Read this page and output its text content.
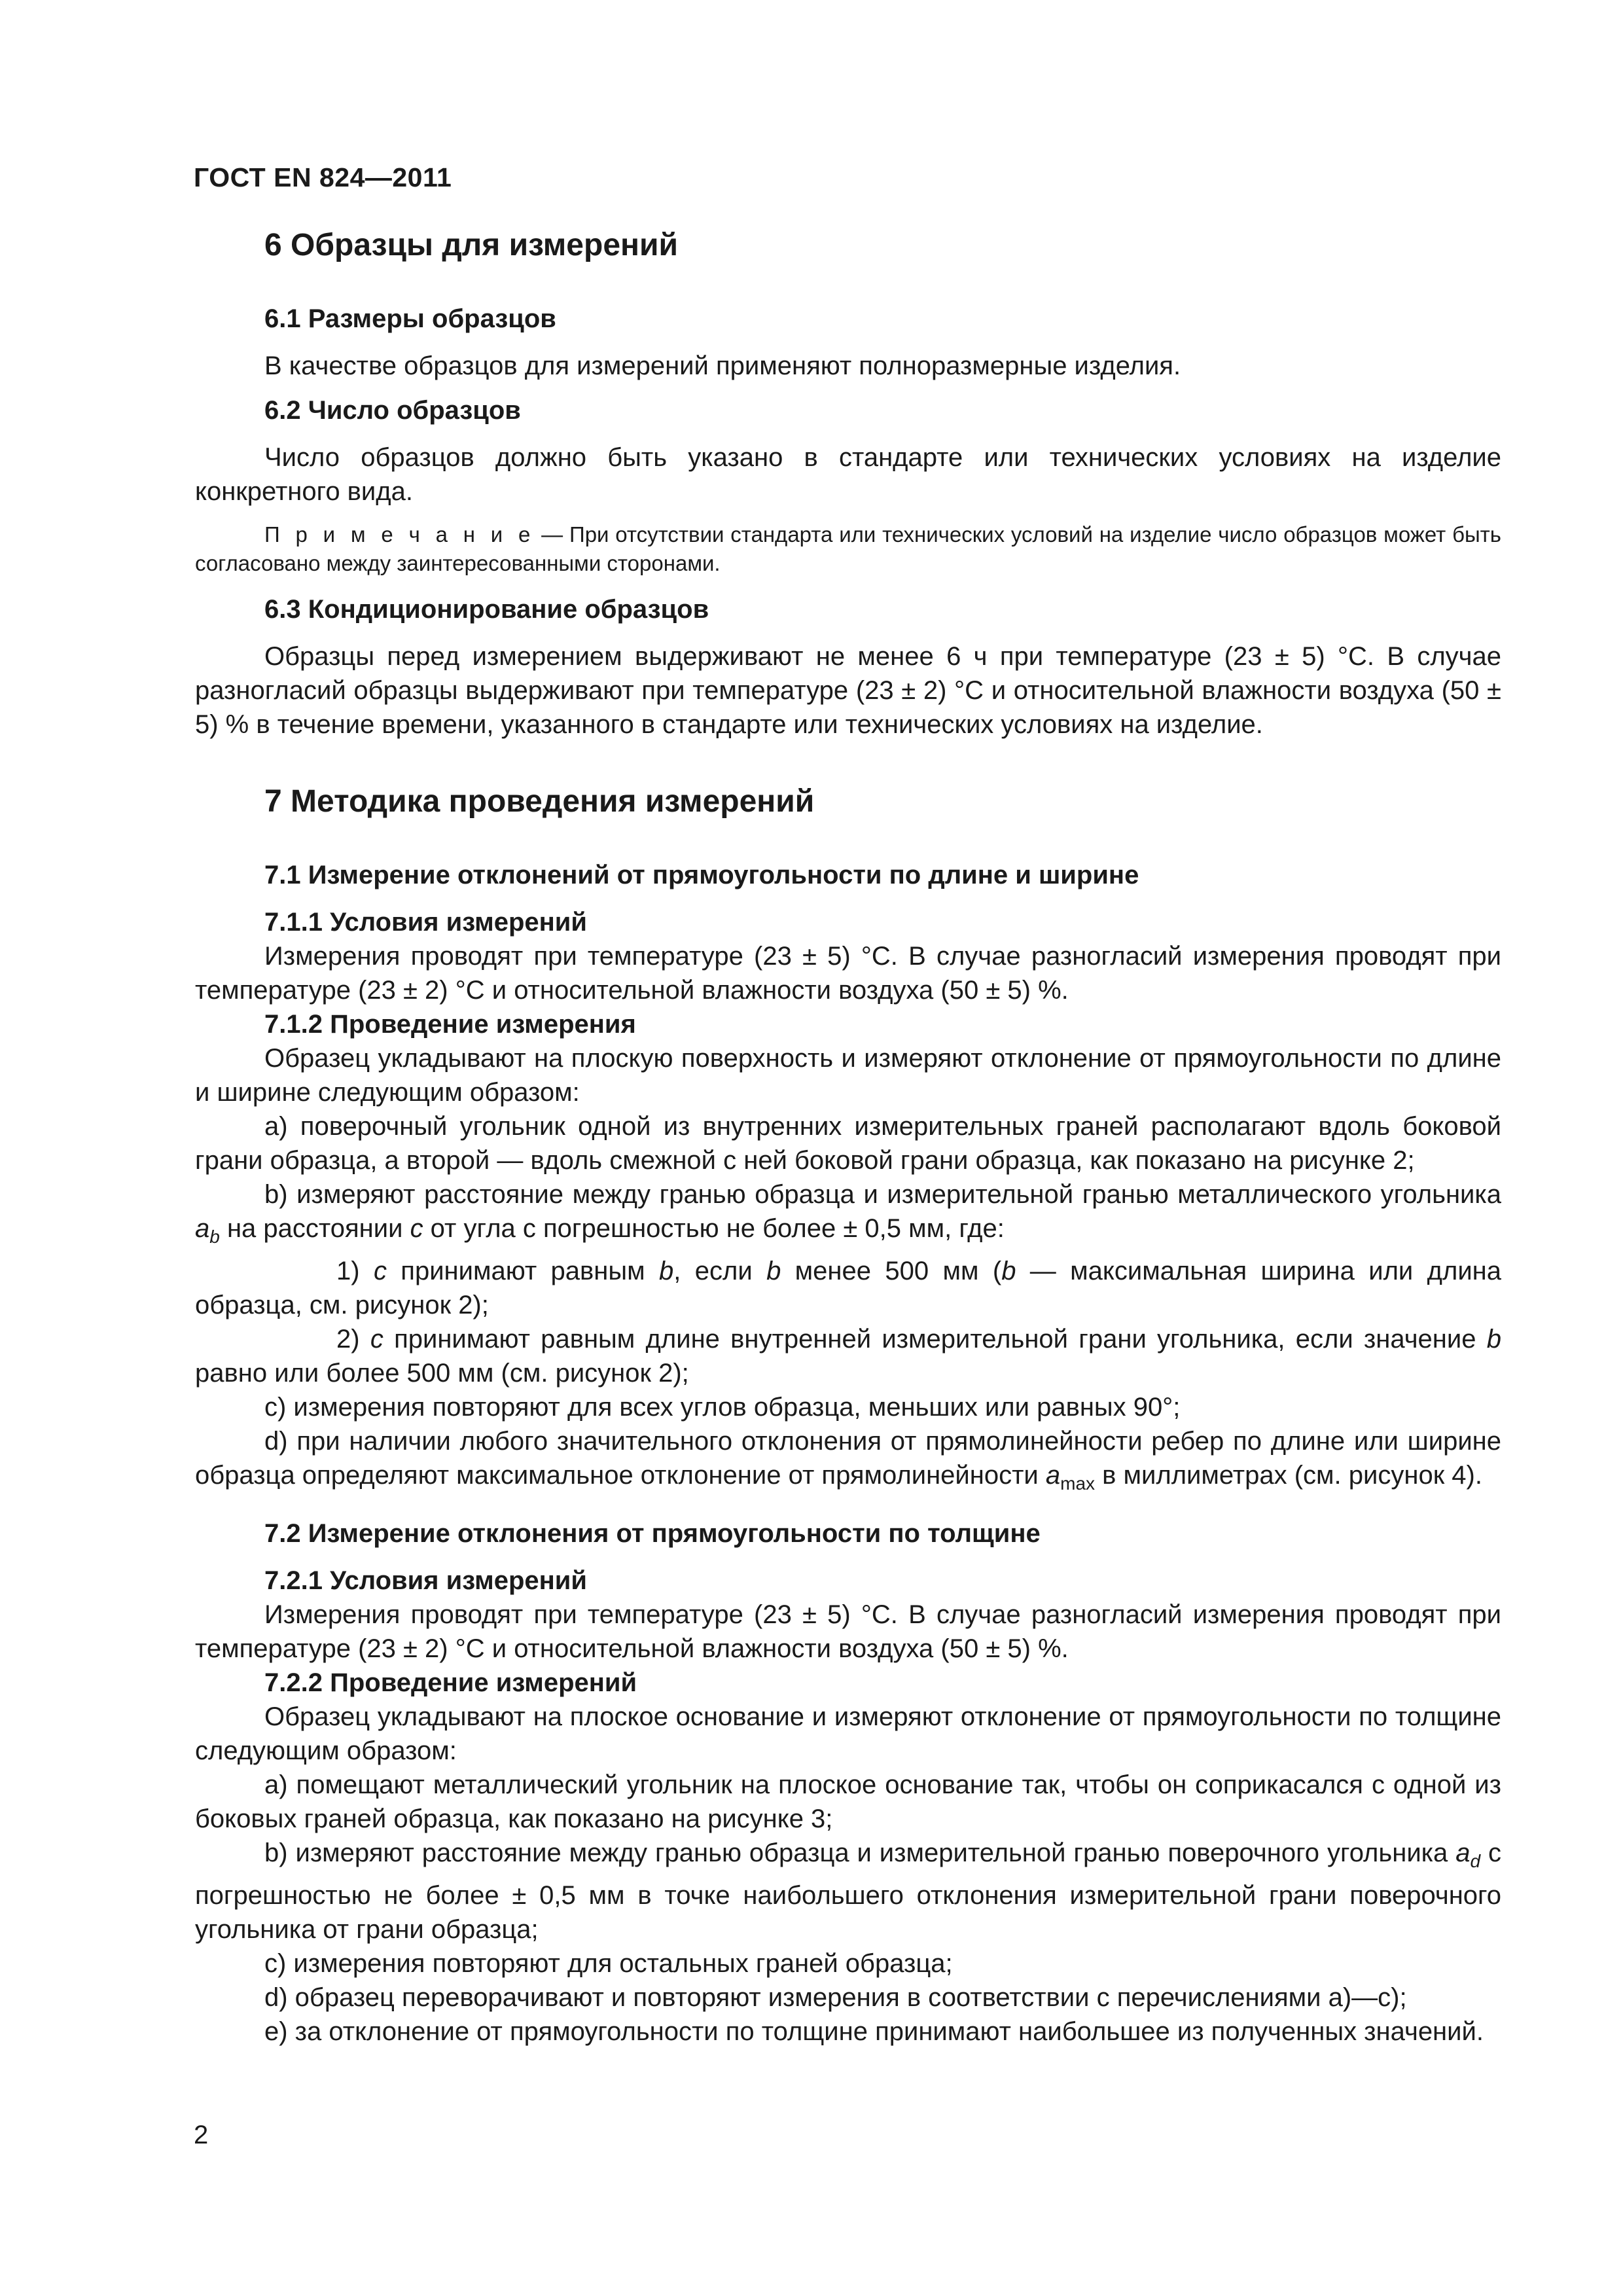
ГОСТ EN 824—2011
6 Образцы для измерений
6.1 Размеры образцов

В качестве образцов для измерений применяют полноразмерные изделия.

6.2 Число образцов

Число образцов должно быть указано в стандарте или технических условиях на изделие конкретного вида.

П р и м е ч а н и е — При отсутствии стандарта или технических условий на изделие число образцов может быть согласовано между заинтересованными сторонами.
6.3 Кондиционирование образцов

Образцы перед измерением выдерживают не менее 6 ч при температуре (23 ± 5) °С. В случае разногласий образцы выдерживают при температуре (23 ± 2) °С и относительной влажности воздуха (50 ± 5) % в течение времени, указанного в стандарте или технических условиях на изделие.

7 Методика проведения измерений
7.1 Измерение отклонений от прямоугольности по длине и ширине
7.1.1 Условия измерений

Измерения проводят при температуре (23 ± 5) °С. В случае разногласий измерения проводят при температуре (23 ± 2) °С и относительной влажности воздуха (50 ± 5) %.

7.1.2 Проведение измерения

Образец укладывают на плоскую поверхность и измеряют отклонение от прямоугольности по длине и ширине следующим образом:

а) поверочный угольник одной из внутренних измерительных граней располагают вдоль боковой грани образца, а второй — вдоль смежной с ней боковой грани образца, как показано на рисунке 2;

b) измеряют расстояние между гранью образца и измерительной гранью металлического угольника $a_b$ на расстоянии c от угла с погрешностью не более ± 0,5 мм, где:

1) c принимают равным b, если b менее 500 мм (b — максимальная ширина или длина образца, см. рисунок 2);

2) c принимают равным длине внутренней измерительной грани угольника, если значение b равно или более 500 мм (см. рисунок 2);

с) измерения повторяют для всех углов образца, меньших или равных 90°;

d) при наличии любого значительного отклонения от прямолинейности ребер по длине или ширине образца определяют максимальное отклонение от прямолинейности $a_{max}$ в миллиметрах (см. рисунок 4).

7.2 Измерение отклонения от прямоугольности по толщине
7.2.1 Условия измерений

Измерения проводят при температуре (23 ± 5) °С. В случае разногласий измерения проводят при температуре (23 ± 2) °С и относительной влажности воздуха (50 ± 5) %.

7.2.2 Проведение измерений

Образец укладывают на плоское основание и измеряют отклонение от прямоугольности по толщине следующим образом:

а) помещают металлический угольник на плоское основание так, чтобы он соприкасался с одной из боковых граней образца, как показано на рисунке 3;

b) измеряют расстояние между гранью образца и измерительной гранью поверочного угольника $a_d$ с погрешностью не более ± 0,5 мм в точке наибольшего отклонения измерительной грани поверочного угольника от грани образца;

с) измерения повторяют для остальных граней образца;

d) образец переворачивают и повторяют измерения в соответствии с перечислениями а)—с);

е) за отклонение от прямоугольности по толщине принимают наибольшее из полученных значений.

2
